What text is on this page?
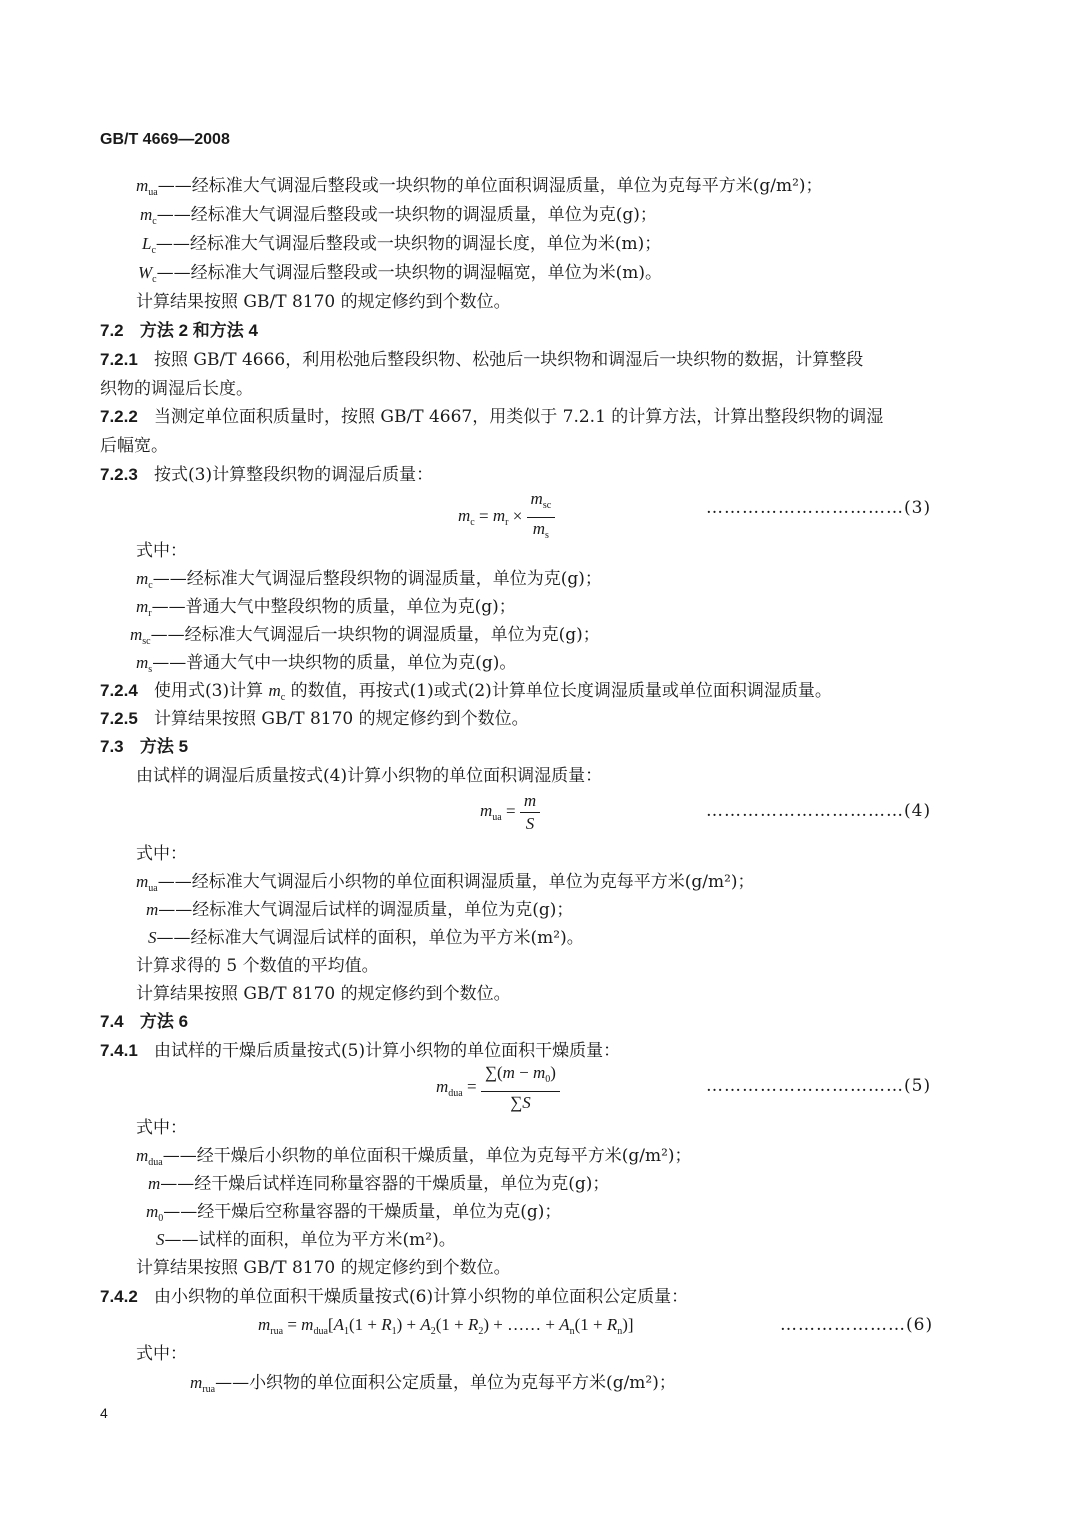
GB/T 4669—2008
$m_{ua}——$经标准大气调湿后整段或一块织物的单位面积调湿质量，单位为克每平方米(g/m²)；
$m_c——$经标准大气调湿后整段或一块织物的调湿质量，单位为克(g)；
$L_c——$经标准大气调湿后整段或一块织物的调湿长度，单位为米(m)；
$W_c——$经标准大气调湿后整段或一块织物的调湿幅宽，单位为米(m)。
计算结果按照 GB/T 8170 的规定修约到个数位。
7.2 方法 2 和方法 4
7.2.1 按照 GB/T 4666，利用松弛后整段织物、松弛后一块织物和调湿后一块织物的数据，计算整段
织物的调湿后长度。
7.2.2 当测定单位面积质量时，按照 GB/T 4667，用类似于 7.2.1 的计算方法，计算出整段织物的调湿
后幅宽。
7.2.3 按式(3)计算整段织物的调湿后质量：
$m_c = m_r \times \frac{m_{sc}}{m_s}$	……………………………(3)
式中：
$m_c——$经标准大气调湿后整段织物的调湿质量，单位为克(g)；
$m_r——$普通大气中整段织物的质量，单位为克(g)；
$m_{sc}——$经标准大气调湿后一块织物的调湿质量，单位为克(g)；
$m_s——$普通大气中一块织物的质量，单位为克(g)。
7.2.4 使用式(3)计算 $m_c$ 的数值，再按式(1)或式(2)计算单位长度调湿质量或单位面积调湿质量。
7.2.5 计算结果按照 GB/T 8170 的规定修约到个数位。
7.3 方法 5
由试样的调湿后质量按式(4)计算小织物的单位面积调湿质量：
$m_{ua} = \frac{m}{S}$	……………………………(4)
式中：
$m_{ua}——$经标准大气调湿后小织物的单位面积调湿质量，单位为克每平方米(g/m²)；
m——经标准大气调湿后试样的调湿质量，单位为克(g)；
S——经标准大气调湿后试样的面积，单位为平方米(m²)。
计算求得的 5 个数值的平均值。
计算结果按照 GB/T 8170 的规定修约到个数位。
7.4 方法 6
7.4.1 由试样的干燥后质量按式(5)计算小织物的单位面积干燥质量：
$m_{dua} = \frac{\sum(m - m_0)}{\sum S}$	……………………………(5)
式中：
$m_{dua}——$经干燥后小织物的单位面积干燥质量，单位为克每平方米(g/m²)；
m——经干燥后试样连同称量容器的干燥质量，单位为克(g)；
$m_0——$经干燥后空称量容器的干燥质量，单位为克(g)；
S——试样的面积，单位为平方米(m²)。
计算结果按照 GB/T 8170 的规定修约到个数位。
7.4.2 由小织物的单位面积干燥质量按式(6)计算小织物的单位面积公定质量：
$m_{rua} = m_{dua}[A_1(1 + R_1) + A_2(1 + R_2)$ + …… + $A_n(1 + R_n)$]	…………………(6)
式中：
$m_{rua}——$小织物的单位面积公定质量，单位为克每平方米(g/m²)；
4
